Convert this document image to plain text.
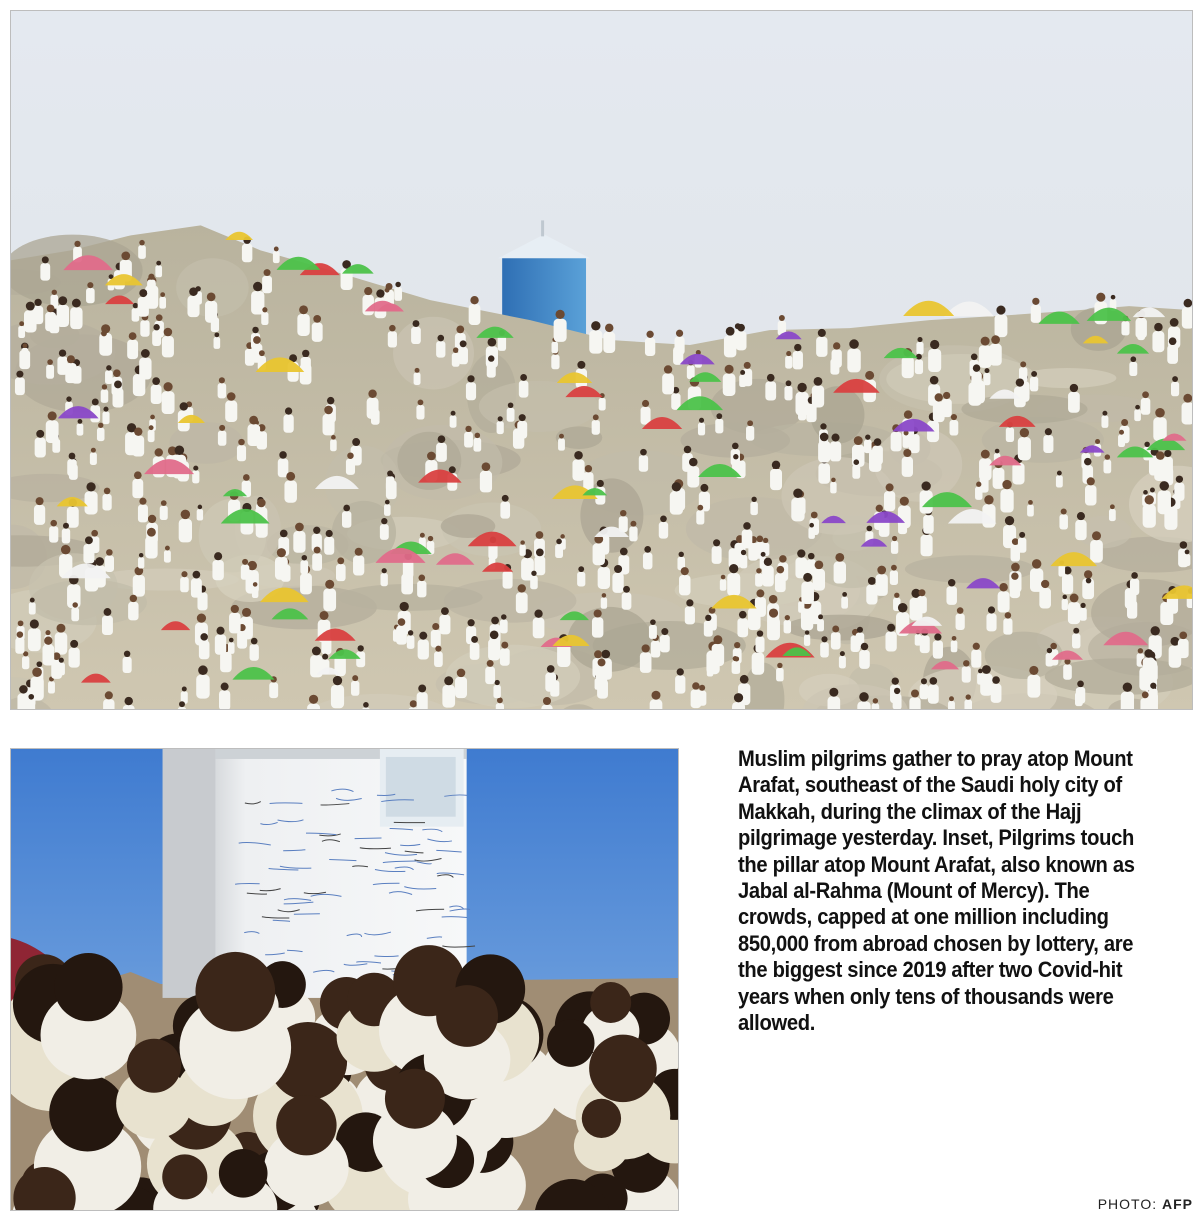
Muslim pilgrims gather to pray atop Mount Arafat, southeast of the Saudi holy city of Makkah, during the climax of the Hajj pilgrimage yesterday. Inset, Pilgrims touch the pillar atop Mount Arafat, also known as Jabal al-Rahma (Mount of Mercy). The crowds, capped at one million including 850,000 from abroad chosen by lottery, are the biggest since 2019 after two Covid-hit years when only tens of thousands were allowed.
PHOTO: AFP
